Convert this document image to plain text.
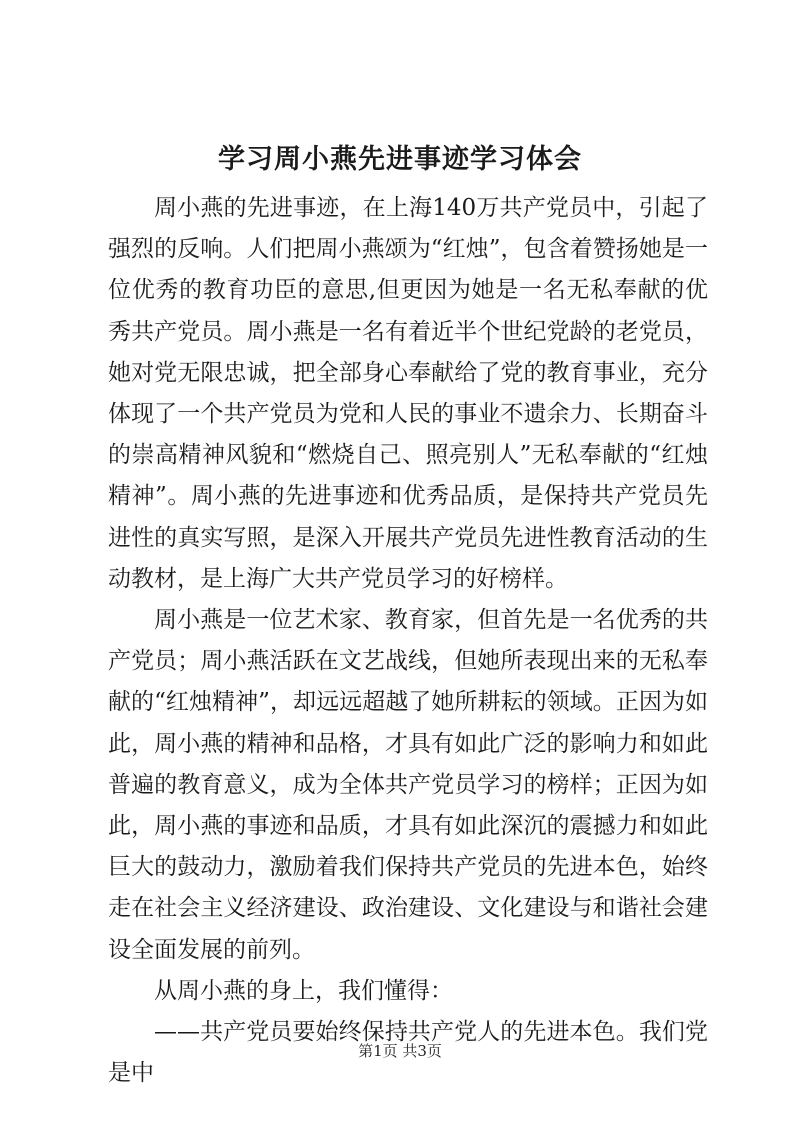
学习周小燕先进事迹学习体会

周小燕的先进事迹，在上海140万共产党员中，引起了强烈的反响。人们把周小燕颂为“红烛”，包含着赞扬她是一位优秀的教育功臣的意思,但更因为她是一名无私奉献的优秀共产党员。周小燕是一名有着近半个世纪党龄的老党员，她对党无限忠诚，把全部身心奉献给了党的教育事业，充分体现了一个共产党员为党和人民的事业不遗余力、长期奋斗的崇高精神风貌和“燃烧自己、照亮别人”无私奉献的“红烛精神”。周小燕的先进事迹和优秀品质，是保持共产党员先进性的真实写照，是深入开展共产党员先进性教育活动的生动教材，是上海广大共产党员学习的好榜样。

周小燕是一位艺术家、教育家，但首先是一名优秀的共产党员；周小燕活跃在文艺战线，但她所表现出来的无私奉献的“红烛精神”，却远远超越了她所耕耘的领域。正因为如此，周小燕的精神和品格，才具有如此广泛的影响力和如此普遍的教育意义，成为全体共产党员学习的榜样；正因为如此，周小燕的事迹和品质，才具有如此深沉的震撼力和如此巨大的鼓动力，激励着我们保持共产党员的先进本色，始终走在社会主义经济建设、政治建设、文化建设与和谐社会建设全面发展的前列。

从周小燕的身上，我们懂得：

——共产党员要始终保持共产党人的先进本色。我们党是中

第1页 共3页
